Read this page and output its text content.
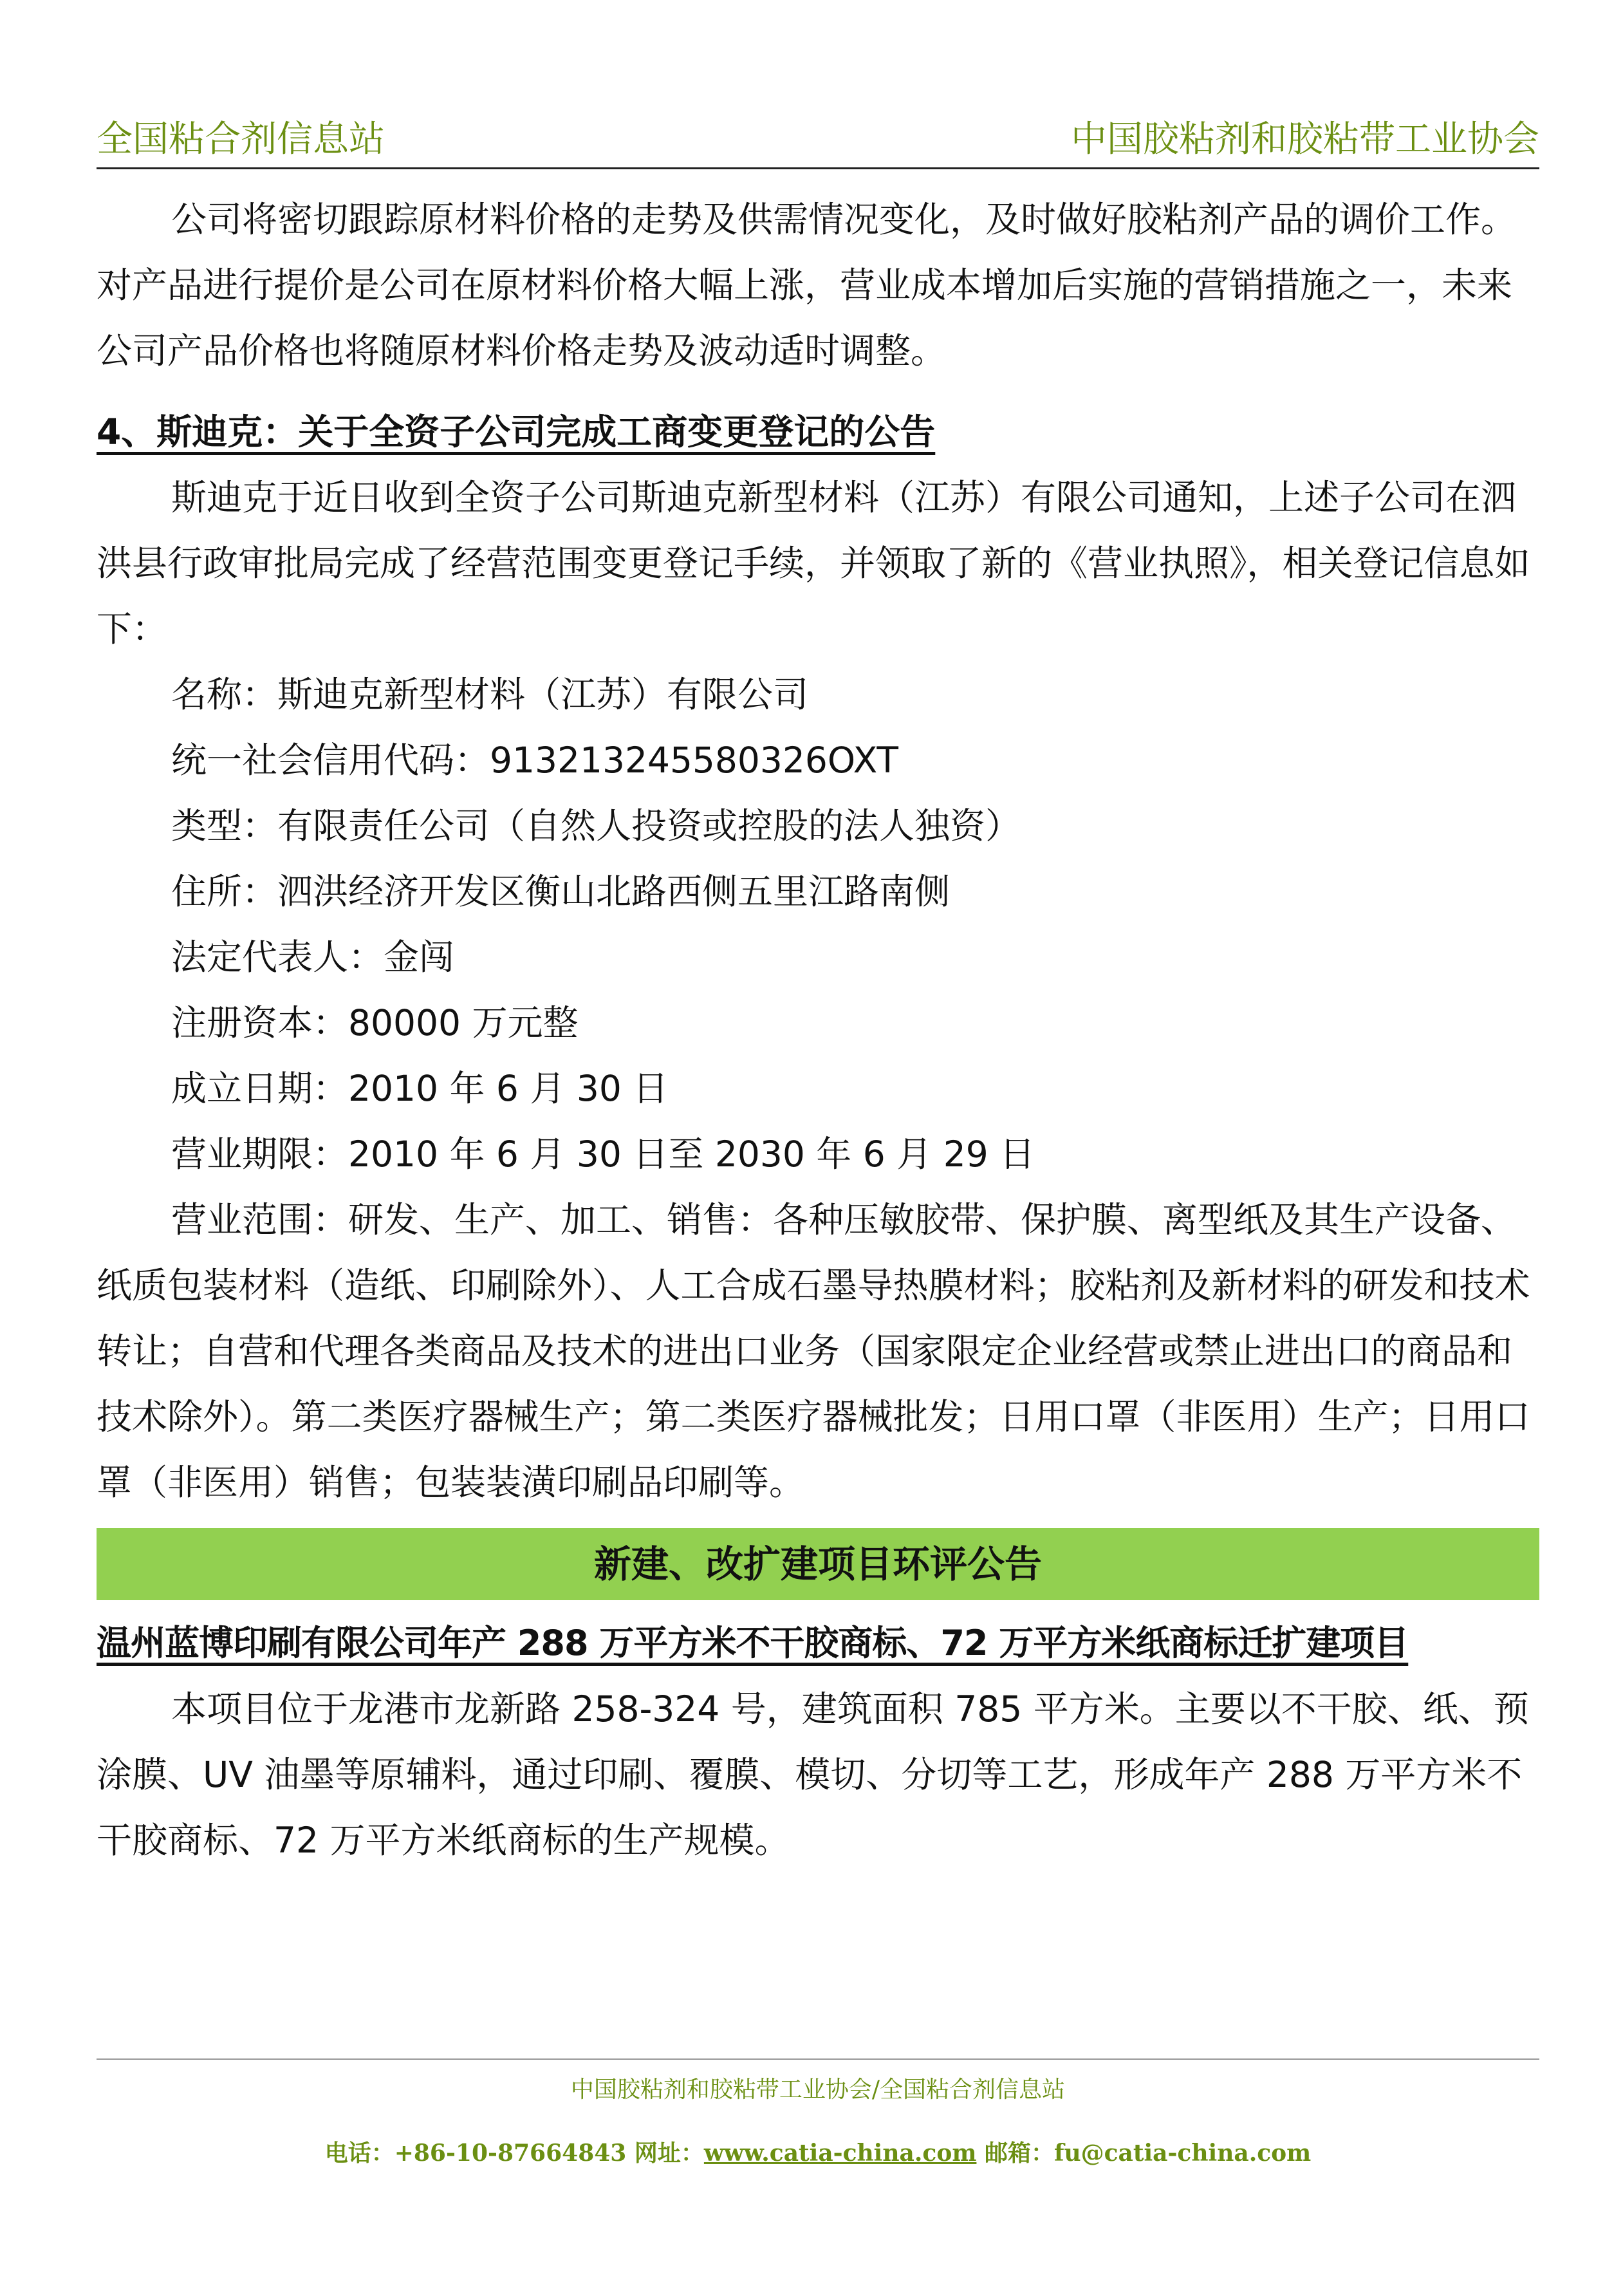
全国粘合剂信息站	中国胶粘剂和胶粘带工业协会

公司将密切跟踪原材料价格的走势及供需情况变化，及时做好胶粘剂产品的调价工作。对产品进行提价是公司在原材料价格大幅上涨，营业成本增加后实施的营销措施之一，未来公司产品价格也将随原材料价格走势及波动适时调整。

4、斯迪克：关于全资子公司完成工商变更登记的公告

斯迪克于近日收到全资子公司斯迪克新型材料（江苏）有限公司通知，上述子公司在泗洪县行政审批局完成了经营范围变更登记手续，并领取了新的《营业执照》，相关登记信息如下：

名称：斯迪克新型材料（江苏）有限公司

统一社会信用代码：913213245580326OXT

类型：有限责任公司（自然人投资或控股的法人独资）

住所：泗洪经济开发区衡山北路西侧五里江路南侧

法定代表人：金闯

注册资本：80000 万元整

成立日期：2010 年 6 月 30 日

营业期限：2010 年 6 月 30 日至 2030 年 6 月 29 日

营业范围：研发、生产、加工、销售：各种压敏胶带、保护膜、离型纸及其生产设备、纸质包装材料（造纸、印刷除外）、人工合成石墨导热膜材料；胶粘剂及新材料的研发和技术转让；自营和代理各类商品及技术的进出口业务（国家限定企业经营或禁止进出口的商品和技术除外）。第二类医疗器械生产；第二类医疗器械批发；日用口罩（非医用）生产；日用口罩（非医用）销售；包装装潢印刷品印刷等。

新建、改扩建项目环评公告

温州蓝博印刷有限公司年产 288 万平方米不干胶商标、72 万平方米纸商标迁扩建项目

本项目位于龙港市龙新路 258-324 号，建筑面积 785 平方米。主要以不干胶、纸、预涂膜、UV 油墨等原辅料，通过印刷、覆膜、模切、分切等工艺，形成年产 288 万平方米不干胶商标、72 万平方米纸商标的生产规模。

中国胶粘剂和胶粘带工业协会/全国粘合剂信息站
电话：+86-10-87664843 网址：www.catia-china.com 邮箱：fu@catia-china.com
